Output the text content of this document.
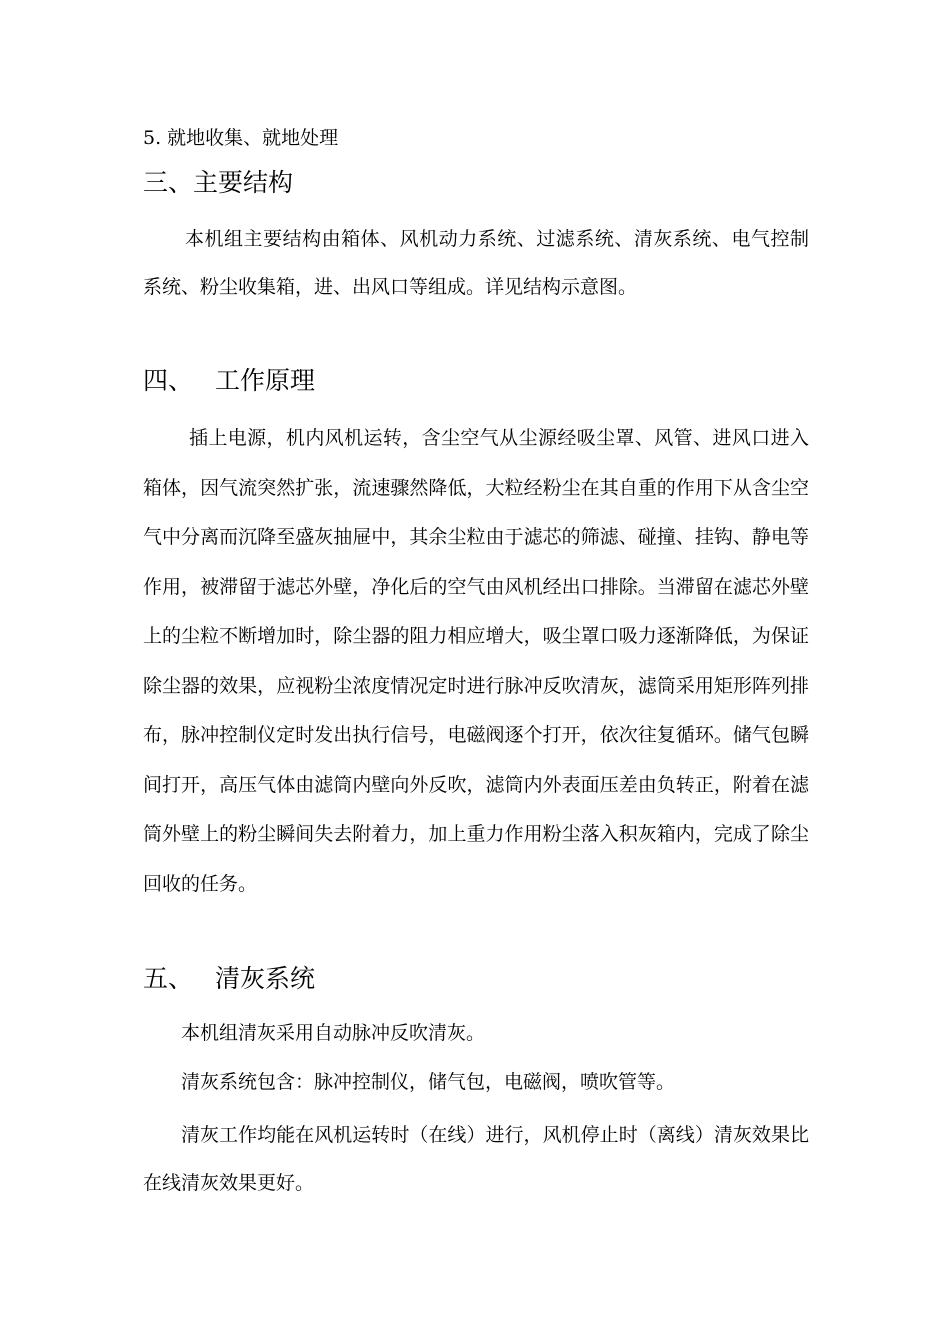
5. 就地收集、就地处理
三、主要结构
本机组主要结构由箱体、风机动力系统、过滤系统、清灰系统、电气控制系统、粉尘收集箱，进、出风口等组成。详见结构示意图。
四、 工作原理
插上电源，机内风机运转，含尘空气从尘源经吸尘罩、风管、进风口进入箱体，因气流突然扩张，流速骤然降低，大粒经粉尘在其自重的作用下从含尘空气中分离而沉降至盛灰抽屉中，其余尘粒由于滤芯的筛滤、碰撞、挂钩、静电等作用，被滞留于滤芯外壁，净化后的空气由风机经出口排除。当滞留在滤芯外壁上的尘粒不断增加时，除尘器的阻力相应增大，吸尘罩口吸力逐渐降低，为保证除尘器的效果，应视粉尘浓度情况定时进行脉冲反吹清灰，滤筒采用矩形阵列排布，脉冲控制仪定时发出执行信号，电磁阀逐个打开，依次往复循环。储气包瞬间打开，高压气体由滤筒内壁向外反吹，滤筒内外表面压差由负转正，附着在滤筒外壁上的粉尘瞬间失去附着力，加上重力作用粉尘落入积灰箱内，完成了除尘回收的任务。
五、 清灰系统
本机组清灰采用自动脉冲反吹清灰。
清灰系统包含：脉冲控制仪，储气包，电磁阀，喷吹管等。
清灰工作均能在风机运转时（在线）进行，风机停止时（离线）清灰效果比在线清灰效果更好。
